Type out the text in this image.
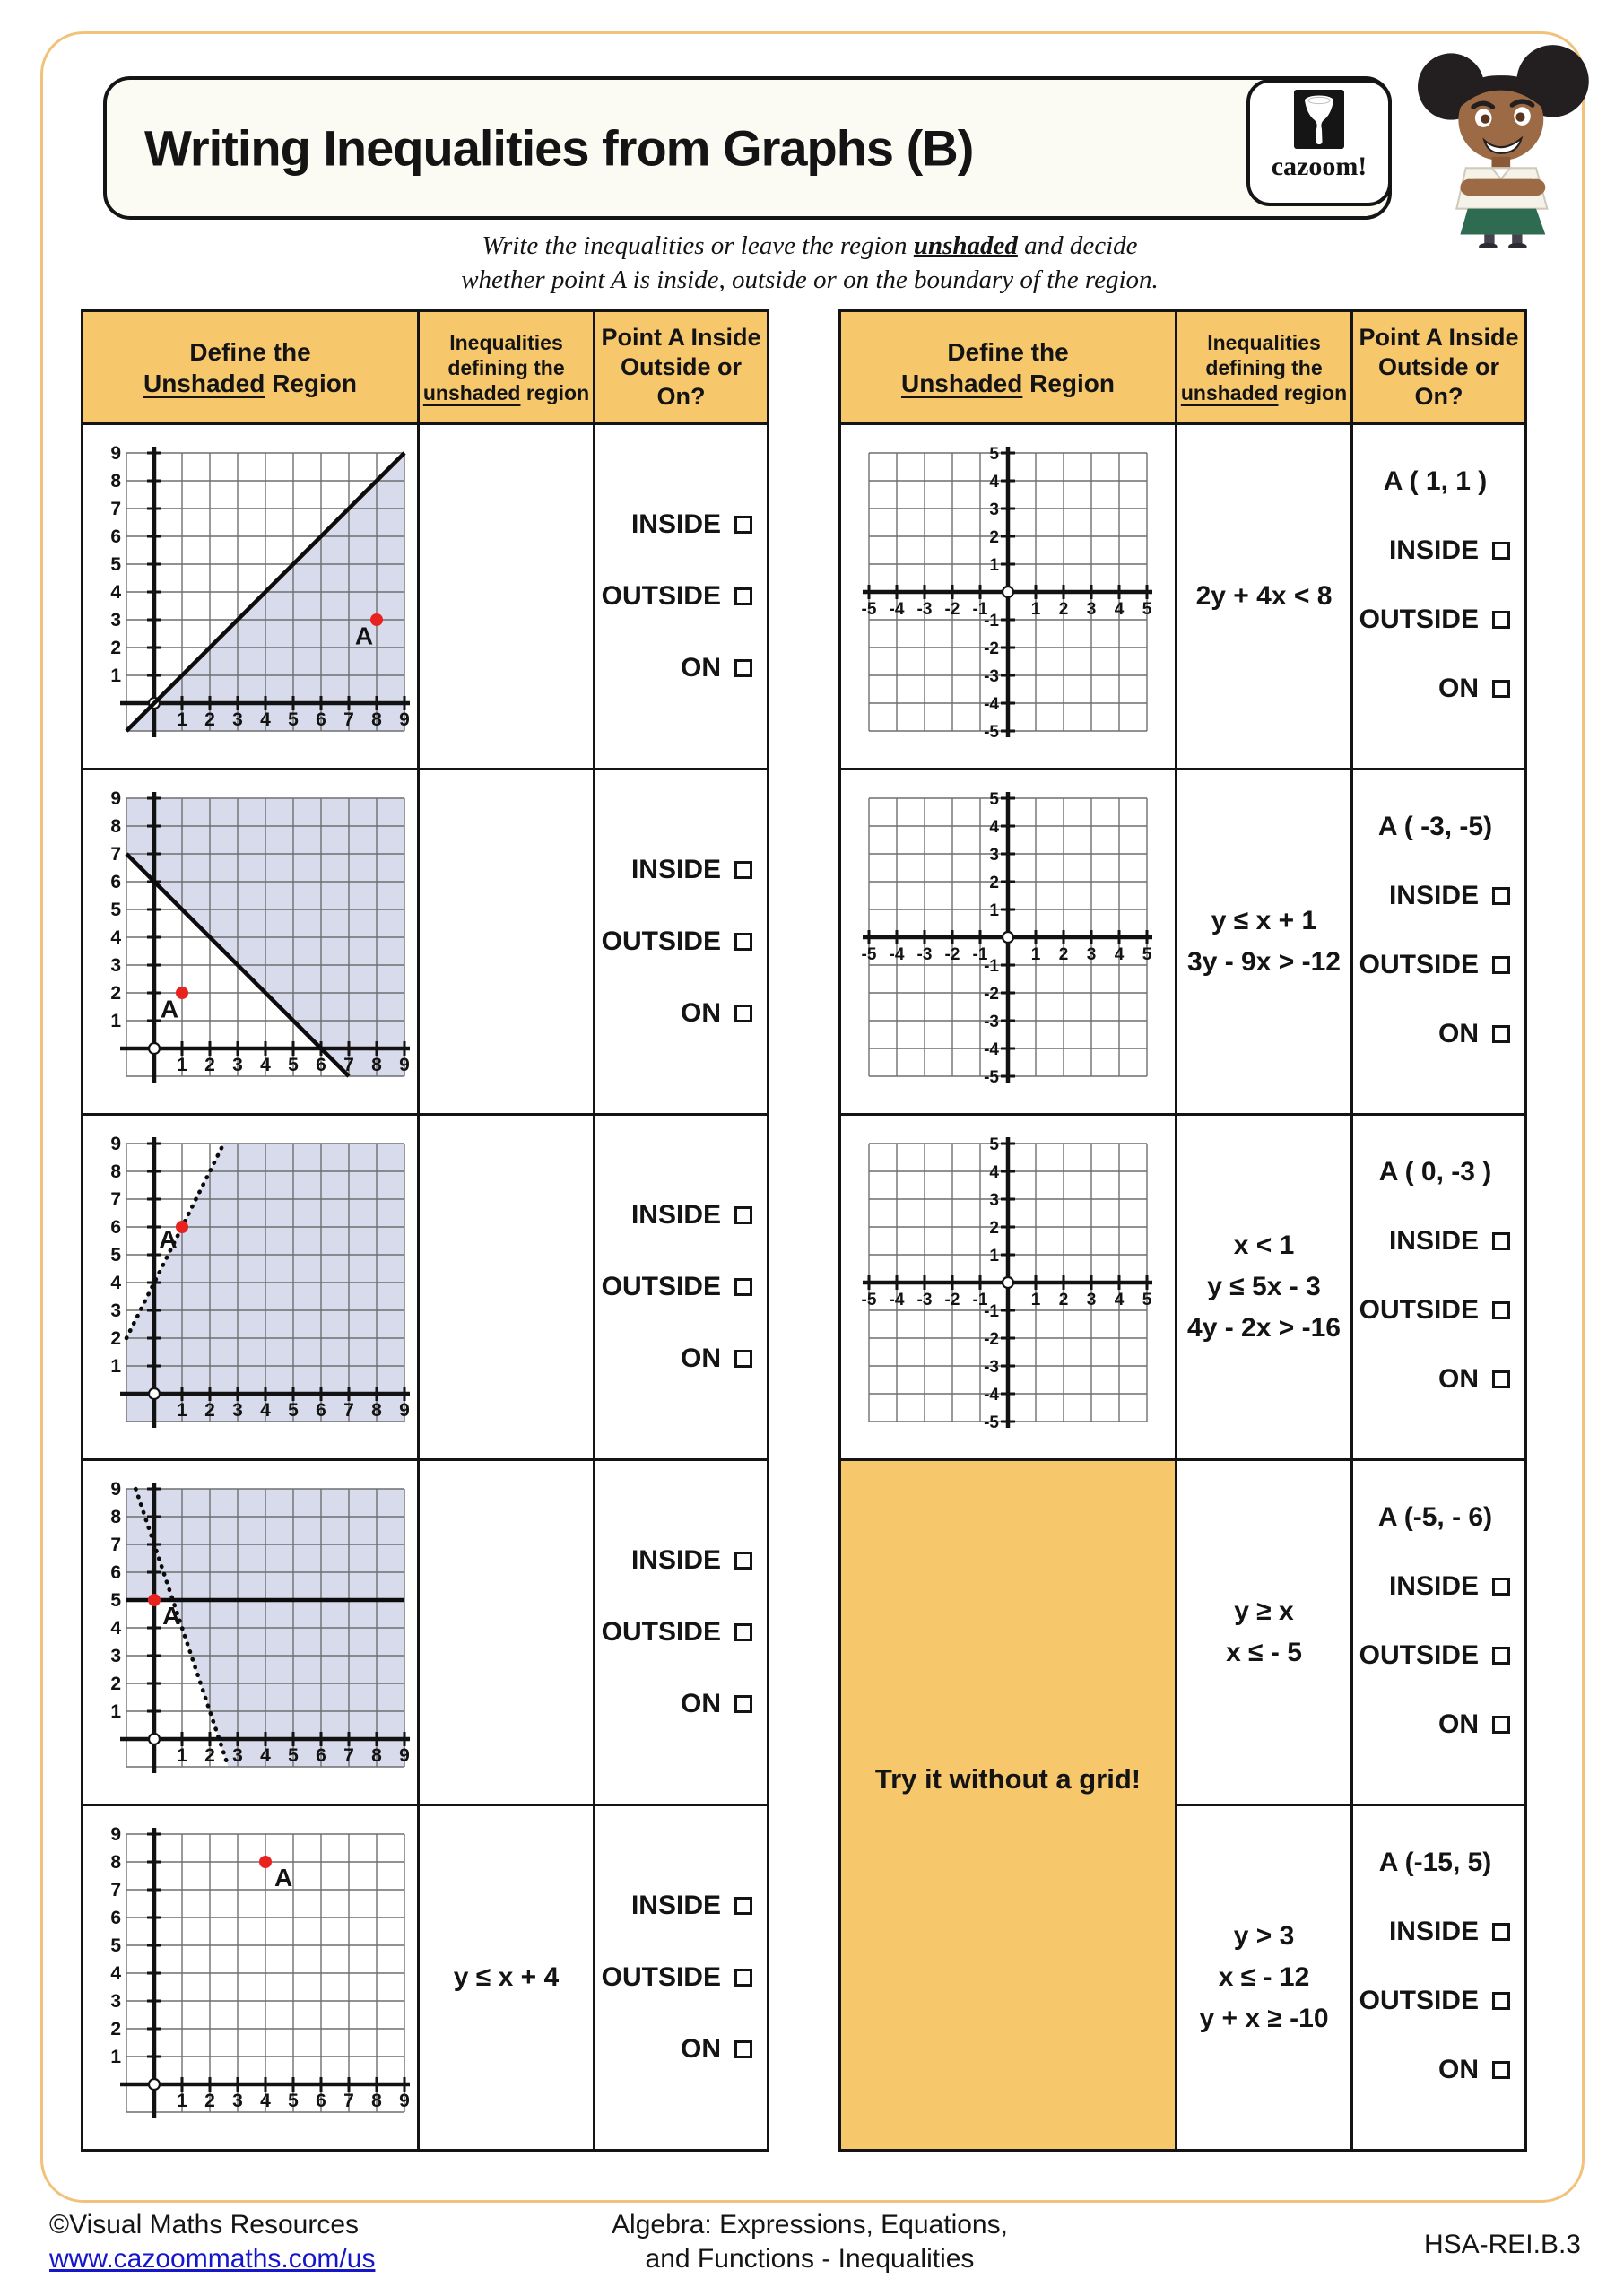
Writing Inequalities from Graphs (B)	cazoom!
Write the inequalities or leave the region unshaded and decide
whether point A is inside, outside or on the boundary of the region.
Define the
Unshaded Region
Inequalities
defining the
unshaded region
Point A Inside
Outside or
On?
1
1
2
2
3
3
4
4
5
5
6
6
7
7
8
8
9
9
A
INSIDE
OUTSIDE
ON
1
1
2
2
3
3
4
4
5
5
6
6
7
7
8
8
9
9
A
INSIDE
OUTSIDE
ON
1
1
2
2
3
3
4
4
5
5
6
6
7
7
8
8
9
9
A
INSIDE
OUTSIDE
ON
1
1
2
2
3
3
4
4
5
5
6
6
7
7
8
8
9
9
A
INSIDE
OUTSIDE
ON
1
1
2
2
3
3
4
4
5
5
6
6
7
7
8
8
9
9
A
y ≤ x + 4
INSIDE
OUTSIDE
ON
Define the
Unshaded Region
Inequalities
defining the
unshaded region
Point A Inside
Outside or
On?
-5
-5
-4
-4
-3
-3
-2
-2
-1
-1
1
1
2
2
3
3
4
4
5
5
2y + 4x < 8
A ( 1, 1 )
INSIDE
OUTSIDE
ON
-5
-5
-4
-4
-3
-3
-2
-2
-1
-1
1
1
2
2
3
3
4
4
5
5
y ≤ x + 1
3y - 9x > -12
A ( -3, -5)
INSIDE
OUTSIDE
ON
-5
-5
-4
-4
-3
-3
-2
-2
-1
-1
1
1
2
2
3
3
4
4
5
5
x < 1
y ≤ 5x - 3
4y - 2x > -16
A ( 0, -3 )
INSIDE
OUTSIDE
ON
Try it without a grid!
y ≥ x
x ≤ - 5
A (-5, - 6)
INSIDE
OUTSIDE
ON
y > 3
x ≤ - 12
y + x ≥ -10
A (-15, 5)
INSIDE
OUTSIDE
ON
©Visual Maths Resources
www.cazoommaths.com/us
Algebra: Expressions, Equations,
and Functions - Inequalities	HSA-REI.B.3
